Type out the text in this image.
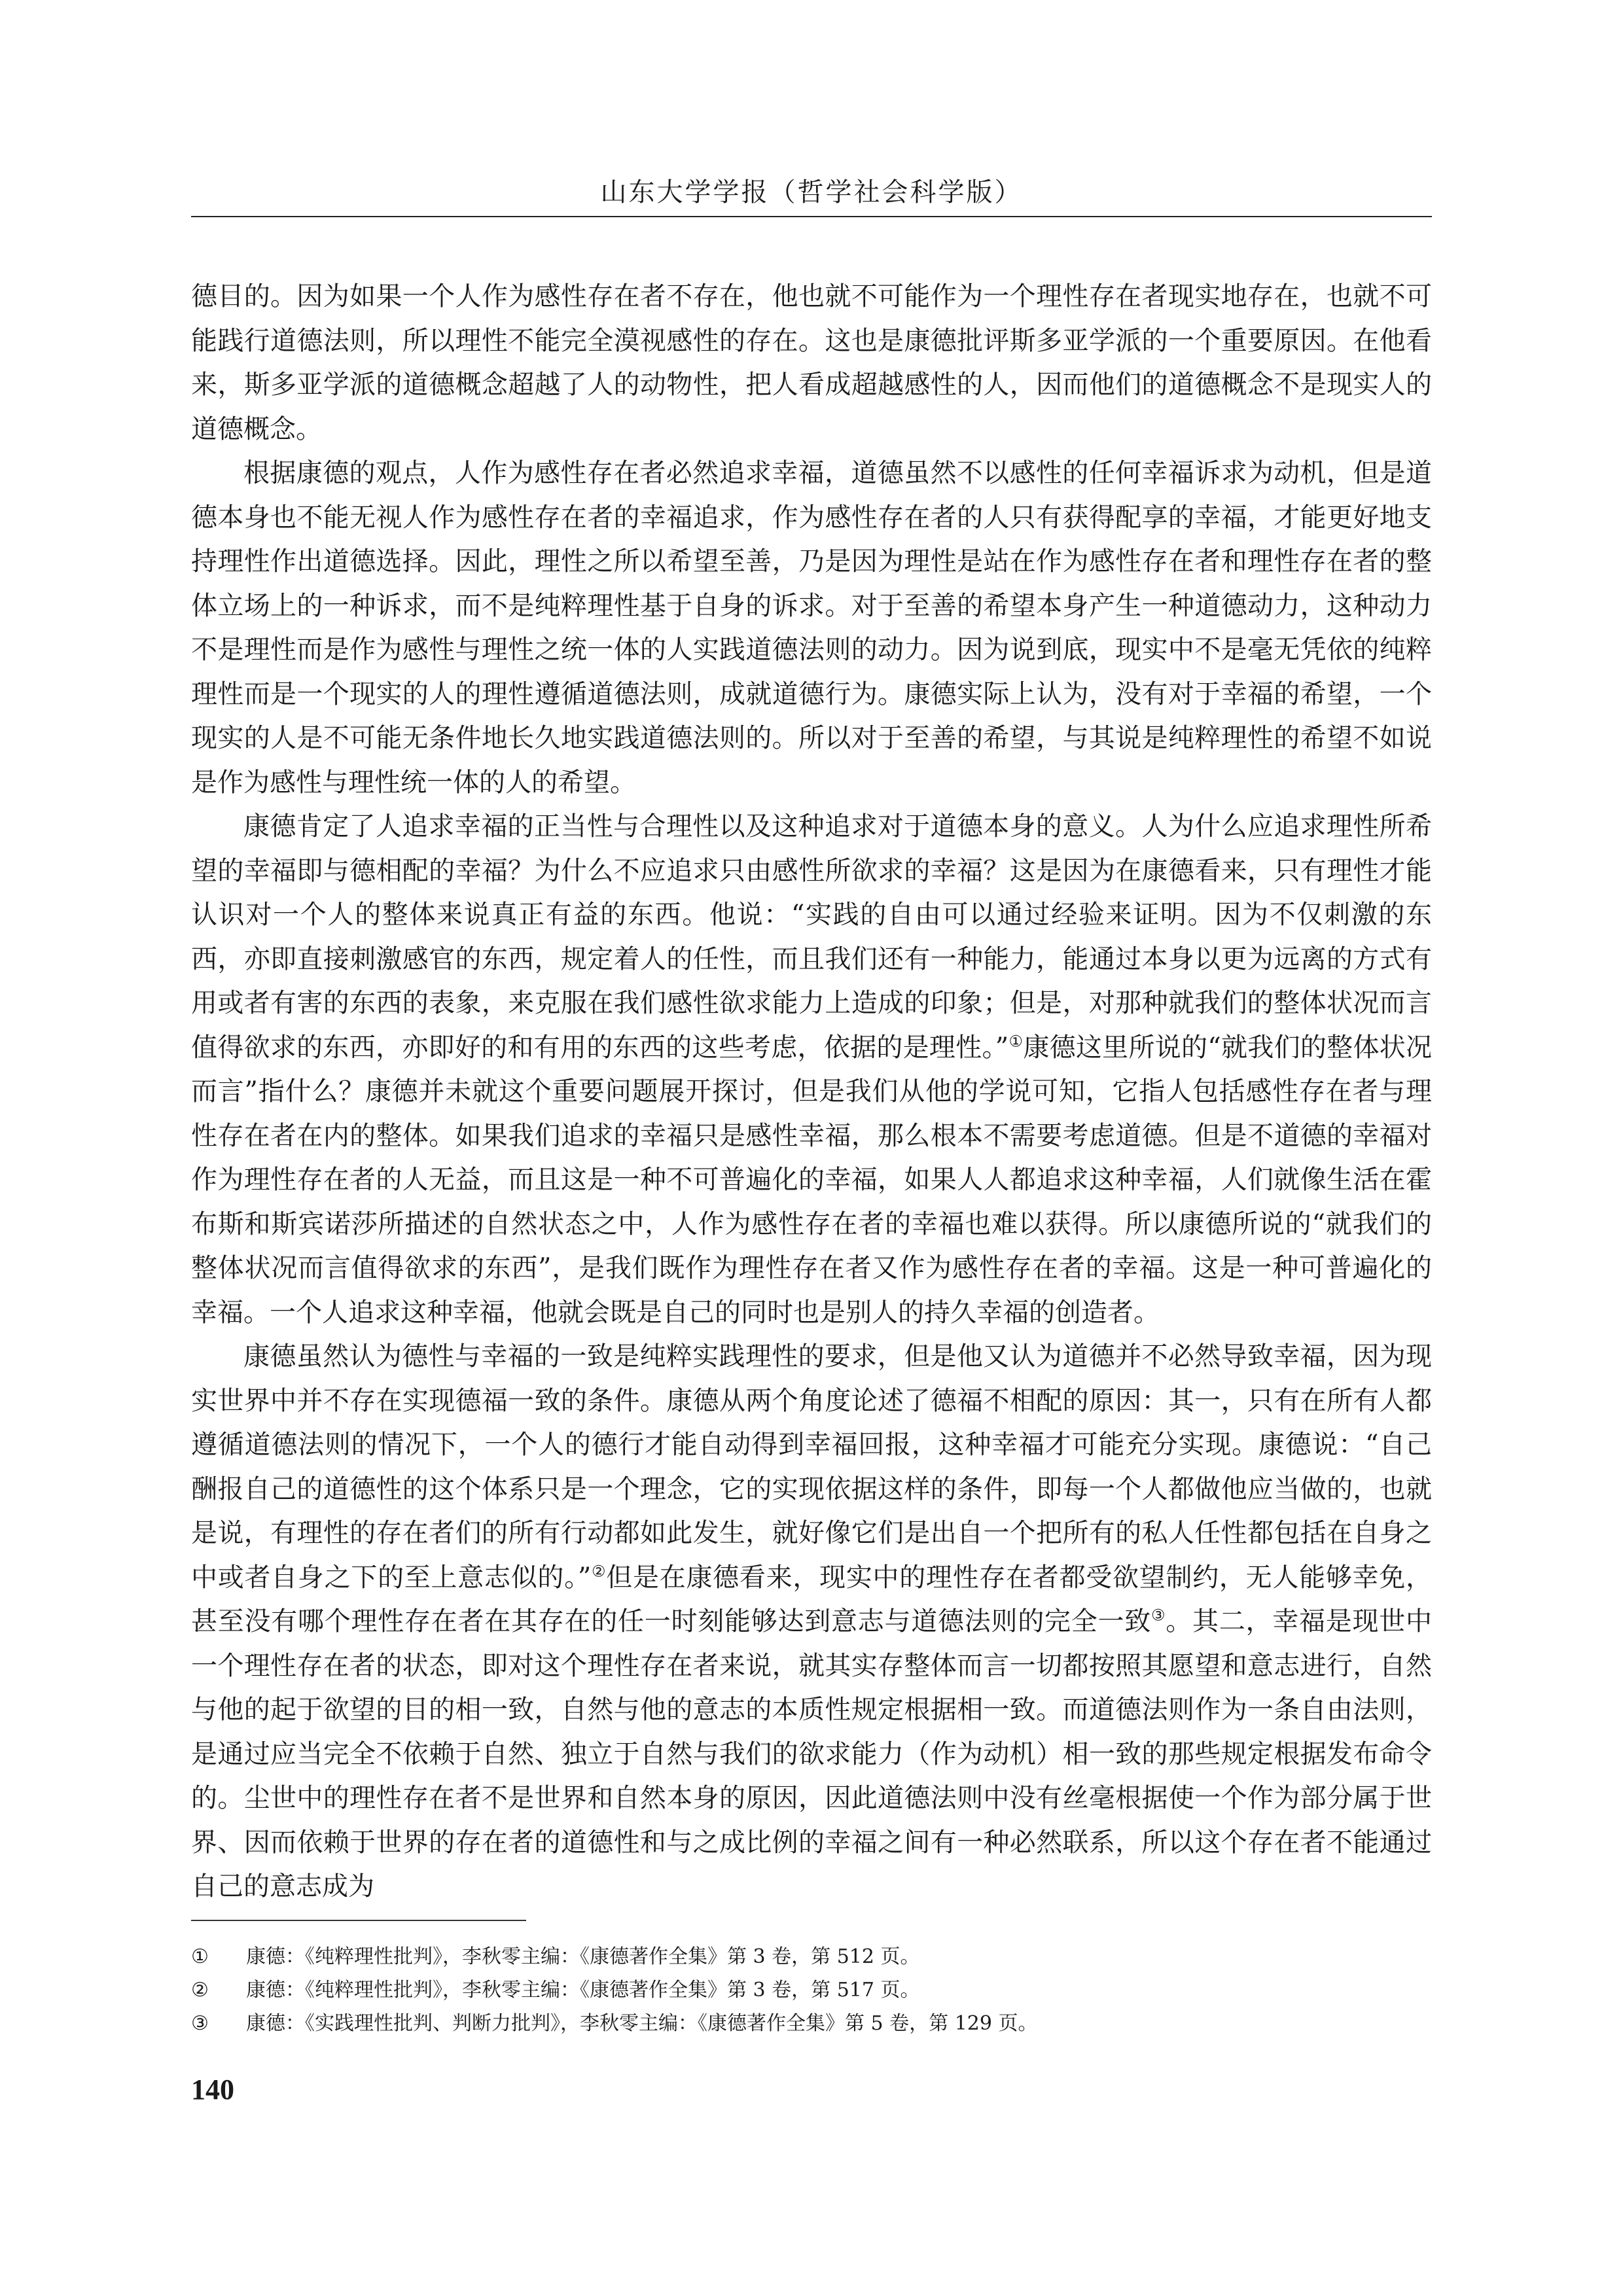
山东大学学报（哲学社会科学版）

德目的。因为如果一个人作为感性存在者不存在，他也就不可能作为一个理性存在者现实地存在，也就不可能践行道德法则，所以理性不能完全漠视感性的存在。这也是康德批评斯多亚学派的一个重要原因。在他看来，斯多亚学派的道德概念超越了人的动物性，把人看成超越感性的人，因而他们的道德概念不是现实人的道德概念。

根据康德的观点，人作为感性存在者必然追求幸福，道德虽然不以感性的任何幸福诉求为动机，但是道德本身也不能无视人作为感性存在者的幸福追求，作为感性存在者的人只有获得配享的幸福，才能更好地支持理性作出道德选择。因此，理性之所以希望至善，乃是因为理性是站在作为感性存在者和理性存在者的整体立场上的一种诉求，而不是纯粹理性基于自身的诉求。对于至善的希望本身产生一种道德动力，这种动力不是理性而是作为感性与理性之统一体的人实践道德法则的动力。因为说到底，现实中不是毫无凭依的纯粹理性而是一个现实的人的理性遵循道德法则，成就道德行为。康德实际上认为，没有对于幸福的希望，一个现实的人是不可能无条件地长久地实践道德法则的。所以对于至善的希望，与其说是纯粹理性的希望不如说是作为感性与理性统一体的人的希望。

康德肯定了人追求幸福的正当性与合理性以及这种追求对于道德本身的意义。人为什么应追求理性所希望的幸福即与德相配的幸福？为什么不应追求只由感性所欲求的幸福？这是因为在康德看来，只有理性才能认识对一个人的整体来说真正有益的东西。他说：“实践的自由可以通过经验来证明。因为不仅刺激的东西，亦即直接刺激感官的东西，规定着人的任性，而且我们还有一种能力，能通过本身以更为远离的方式有用或者有害的东西的表象，来克服在我们感性欲求能力上造成的印象；但是，对那种就我们的整体状况而言值得欲求的东西，亦即好的和有用的东西的这些考虑，依据的是理性。”①康德这里所说的“就我们的整体状况而言”指什么？康德并未就这个重要问题展开探讨，但是我们从他的学说可知，它指人包括感性存在者与理性存在者在内的整体。如果我们追求的幸福只是感性幸福，那么根本不需要考虑道德。但是不道德的幸福对作为理性存在者的人无益，而且这是一种不可普遍化的幸福，如果人人都追求这种幸福，人们就像生活在霍布斯和斯宾诺莎所描述的自然状态之中，人作为感性存在者的幸福也难以获得。所以康德所说的“就我们的整体状况而言值得欲求的东西”，是我们既作为理性存在者又作为感性存在者的幸福。这是一种可普遍化的幸福。一个人追求这种幸福，他就会既是自己的同时也是别人的持久幸福的创造者。

康德虽然认为德性与幸福的一致是纯粹实践理性的要求，但是他又认为道德并不必然导致幸福，因为现实世界中并不存在实现德福一致的条件。康德从两个角度论述了德福不相配的原因：其一，只有在所有人都遵循道德法则的情况下，一个人的德行才能自动得到幸福回报，这种幸福才可能充分实现。康德说：“自己酬报自己的道德性的这个体系只是一个理念，它的实现依据这样的条件，即每一个人都做他应当做的，也就是说，有理性的存在者们的所有行动都如此发生，就好像它们是出自一个把所有的私人任性都包括在自身之中或者自身之下的至上意志似的。”②但是在康德看来，现实中的理性存在者都受欲望制约，无人能够幸免，甚至没有哪个理性存在者在其存在的任一时刻能够达到意志与道德法则的完全一致③。其二，幸福是现世中一个理性存在者的状态，即对这个理性存在者来说，就其实存整体而言一切都按照其愿望和意志进行，自然与他的起于欲望的目的相一致，自然与他的意志的本质性规定根据相一致。而道德法则作为一条自由法则，是通过应当完全不依赖于自然、独立于自然与我们的欲求能力（作为动机）相一致的那些规定根据发布命令的。尘世中的理性存在者不是世界和自然本身的原因，因此道德法则中没有丝毫根据使一个作为部分属于世界、因而依赖于世界的存在者的道德性和与之成比例的幸福之间有一种必然联系，所以这个存在者不能通过自己的意志成为

①	康德：《纯粹理性批判》，李秋零主编：《康德著作全集》第 3 卷，第 512 页。
②	康德：《纯粹理性批判》，李秋零主编：《康德著作全集》第 3 卷，第 517 页。
③	康德：《实践理性批判、判断力批判》，李秋零主编：《康德著作全集》第 5 卷，第 129 页。
140
